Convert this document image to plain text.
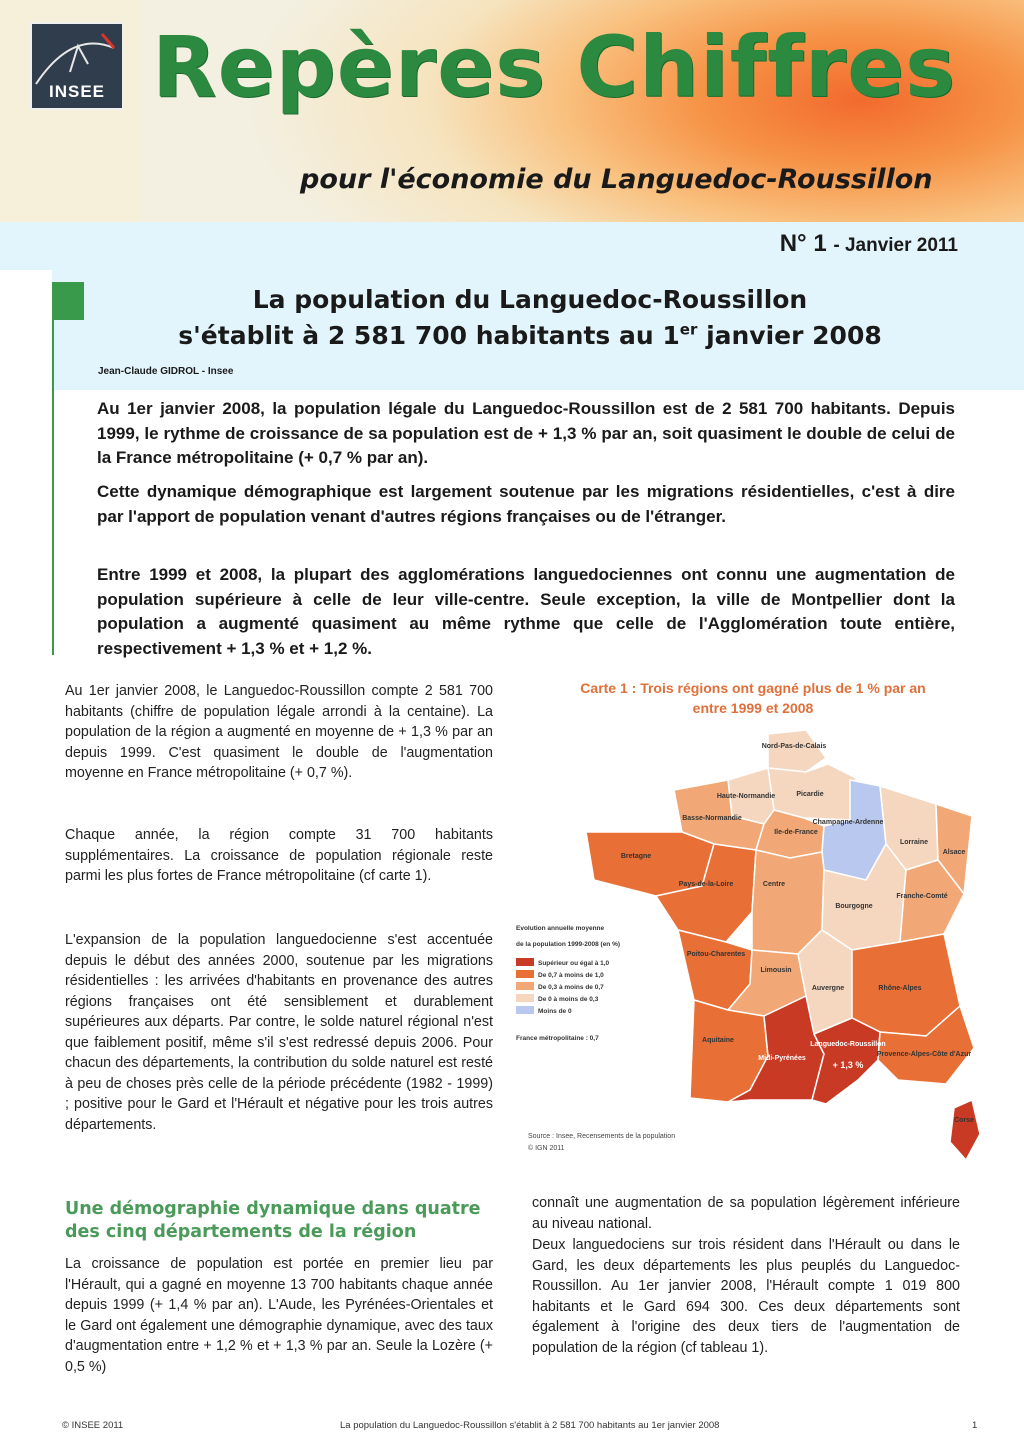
INSEE Repères Chiffres
pour l'économie du Languedoc-Roussillon
N° 1 - Janvier 2011
La population du Languedoc-Roussillon
s'établit à 2 581 700 habitants au 1er janvier 2008
Jean-Claude GIDROL - Insee
Au 1er janvier 2008, la population légale du Languedoc-Roussillon est de 2 581 700 habitants. Depuis 1999, le rythme de croissance de sa population est de + 1,3 % par an, soit quasiment le double de celui de la France métropolitaine (+ 0,7 % par an).
Cette dynamique démographique est largement soutenue par les migrations résidentielles, c'est à dire par l'apport de population venant d'autres régions françaises ou de l'étranger.
Entre 1999 et 2008, la plupart des agglomérations languedociennes ont connu une augmentation de population supérieure à celle de leur ville-centre. Seule exception, la ville de Montpellier dont la population a augmenté quasiment au même rythme que celle de l'Agglomération toute entière, respectivement + 1,3 % et + 1,2 %.
Au 1er janvier 2008, le Languedoc-Roussillon compte 2 581 700 habitants (chiffre de population légale arrondi à la centaine). La population de la région a augmenté en moyenne de + 1,3 % par an depuis 1999. C'est quasiment le double de l'augmentation moyenne en France métropolitaine (+ 0,7 %).
Chaque année, la région compte 31 700 habitants supplémentaires. La croissance de population régionale reste parmi les plus fortes de France métropolitaine (cf carte 1).
L'expansion de la population languedocienne s'est accentuée depuis le début des années 2000, soutenue par les migrations résidentielles : les arrivées d'habitants en provenance des autres régions françaises ont été sensiblement et durablement supérieures aux départs. Par contre, le solde naturel régional n'est que faiblement positif, même s'il s'est redressé depuis 2006. Pour chacun des départements, la contribution du solde naturel est resté à peu de choses près celle de la période précédente (1982 - 1999) ; positive pour le Gard et l'Hérault et négative pour les trois autres départements.
Carte 1 : Trois régions ont gagné plus de 1 % par an
entre 1999 et 2008
Nord-Pas-de-Calais
Picardie
Haute-Normandie
Basse-Normandie
Ile-de-France
Champagne-Ardenne
Lorraine
Alsace
Bretagne
Pays-de-la-Loire	Centre
Bourgogne
Franche-Comté
Poitou-Charentes
Limousin
Auvergne	Rhône-Alpes
Aquitaine
Midi-Pyrénées
Languedoc-Roussillon
+ 1,3 %
Provence-Alpes-Côte d'Azur
Corse
Evolution annuelle moyenne
de la population 1999-2008 (en %)
Supérieur ou égal à 1,0
De 0,7 à moins de 1,0
De 0,3 à moins de 0,7
De 0 à moins de 0,3
Moins de 0
France métropolitaine : 0,7
Source : Insee, Recensements de la population
© IGN 2011
Une démographie dynamique dans quatre des cinq départements de la région
La croissance de population est portée en premier lieu par l'Hérault, qui a gagné en moyenne 13 700 habitants chaque année depuis 1999 (+ 1,4 % par an). L'Aude, les Pyrénées-Orientales et le Gard ont également une démographie dynamique, avec des taux d'augmentation entre + 1,2 % et + 1,3 % par an. Seule la Lozère (+ 0,5 %)
connaît une augmentation de sa population légèrement inférieure au niveau national.
Deux languedociens sur trois résident dans l'Hérault ou dans le Gard, les deux départements les plus peuplés du Languedoc-Roussillon. Au 1er janvier 2008, l'Hérault compte 1 019 800 habitants et le Gard 694 300. Ces deux départements sont également à l'origine des deux tiers de l'augmentation de population de la région (cf tableau 1).
© INSEE 2011	La population du Languedoc-Roussillon s'établit à 2 581 700 habitants au 1er janvier 2008	1
